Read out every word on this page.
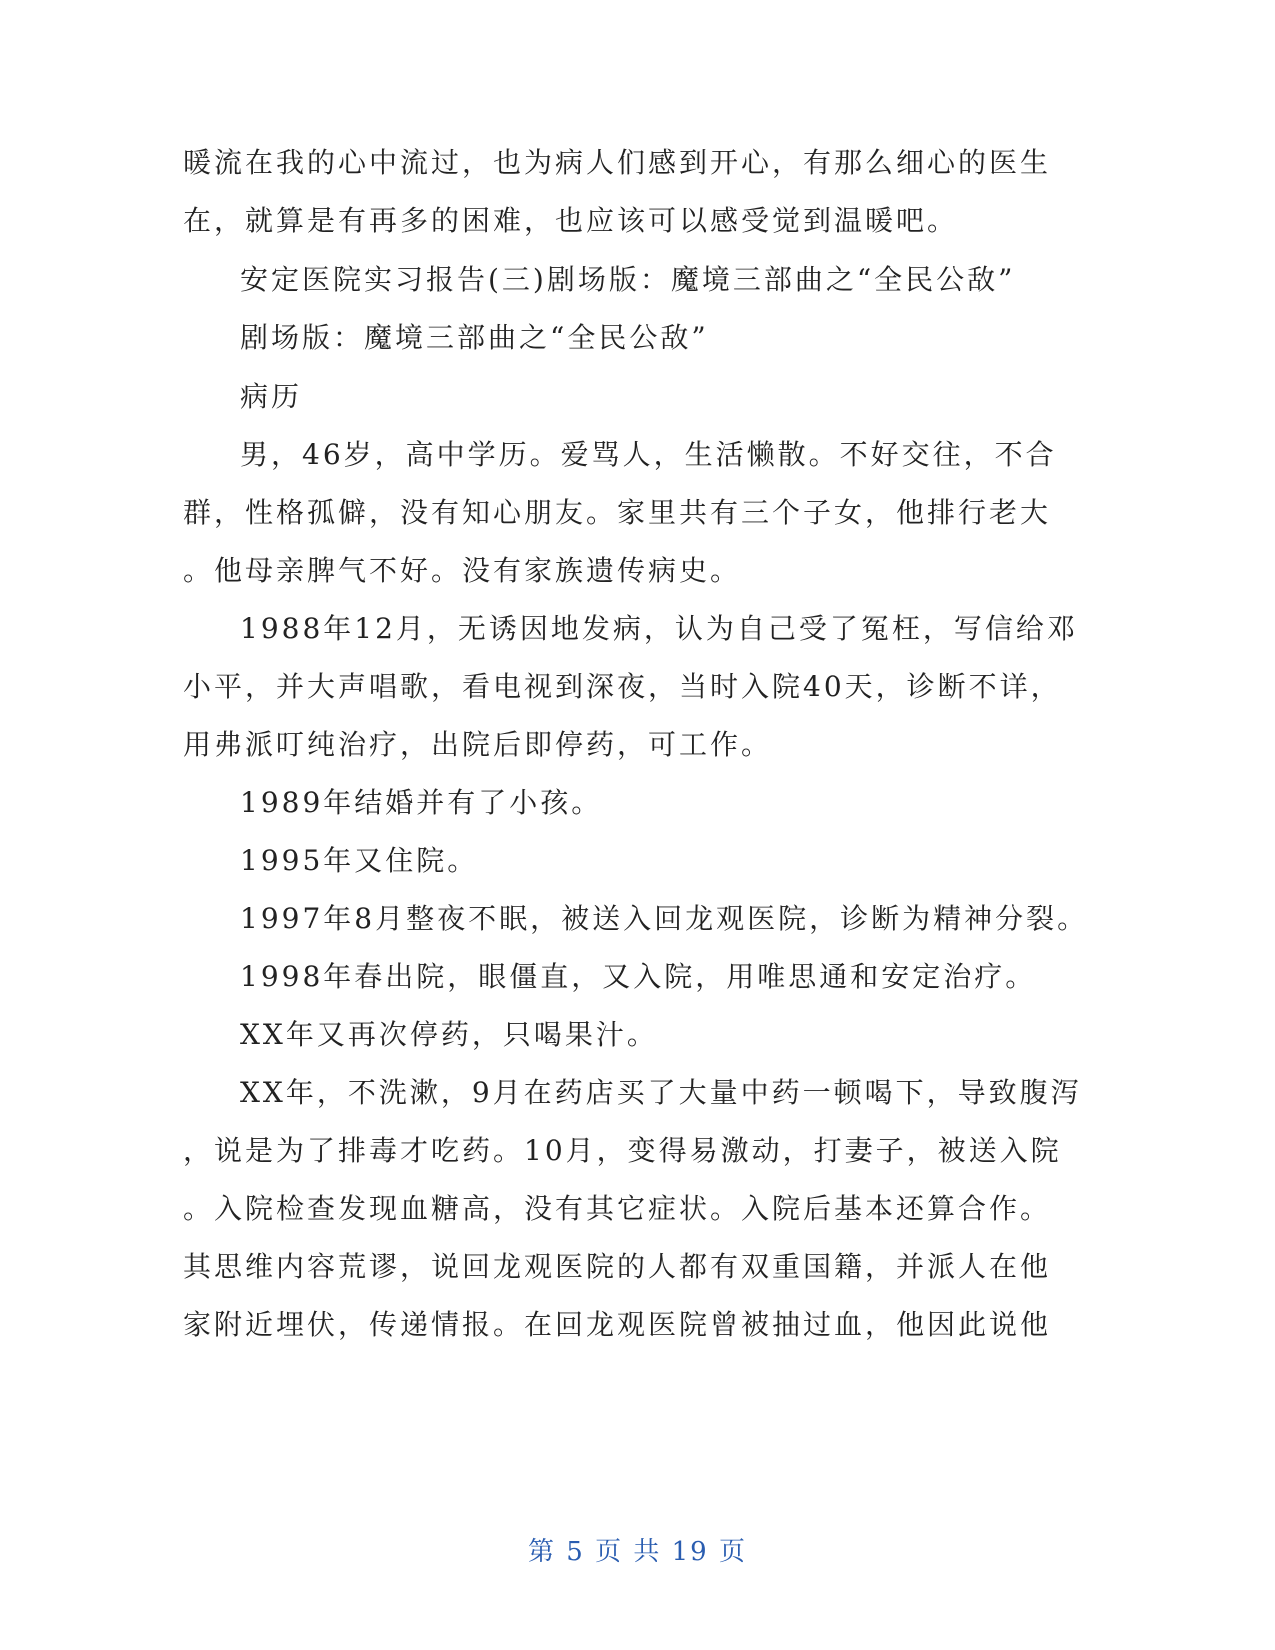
暖流在我的心中流过，也为病人们感到开心，有那么细心的医生
在，就算是有再多的困难，也应该可以感受觉到温暖吧。
安定医院实习报告(三)剧场版：魔境三部曲之“全民公敌”
剧场版：魔境三部曲之“全民公敌”
病历
男，46岁，高中学历。爱骂人，生活懒散。不好交往，不合
群，性格孤僻，没有知心朋友。家里共有三个子女，他排行老大
。他母亲脾气不好。没有家族遗传病史。
1988年12月，无诱因地发病，认为自己受了冤枉，写信给邓
小平，并大声唱歌，看电视到深夜，当时入院40天，诊断不详，
用弗派叮纯治疗，出院后即停药，可工作。
1989年结婚并有了小孩。
1995年又住院。
1997年8月整夜不眠，被送入回龙观医院，诊断为精神分裂。
1998年春出院，眼僵直，又入院，用唯思通和安定治疗。
XX年又再次停药，只喝果汁。
XX年，不洗漱，9月在药店买了大量中药一顿喝下，导致腹泻
，说是为了排毒才吃药。10月，变得易激动，打妻子，被送入院
。入院检查发现血糖高，没有其它症状。入院后基本还算合作。
其思维内容荒谬，说回龙观医院的人都有双重国籍，并派人在他
家附近埋伏，传递情报。在回龙观医院曾被抽过血，他因此说他
第 5 页 共 19 页
